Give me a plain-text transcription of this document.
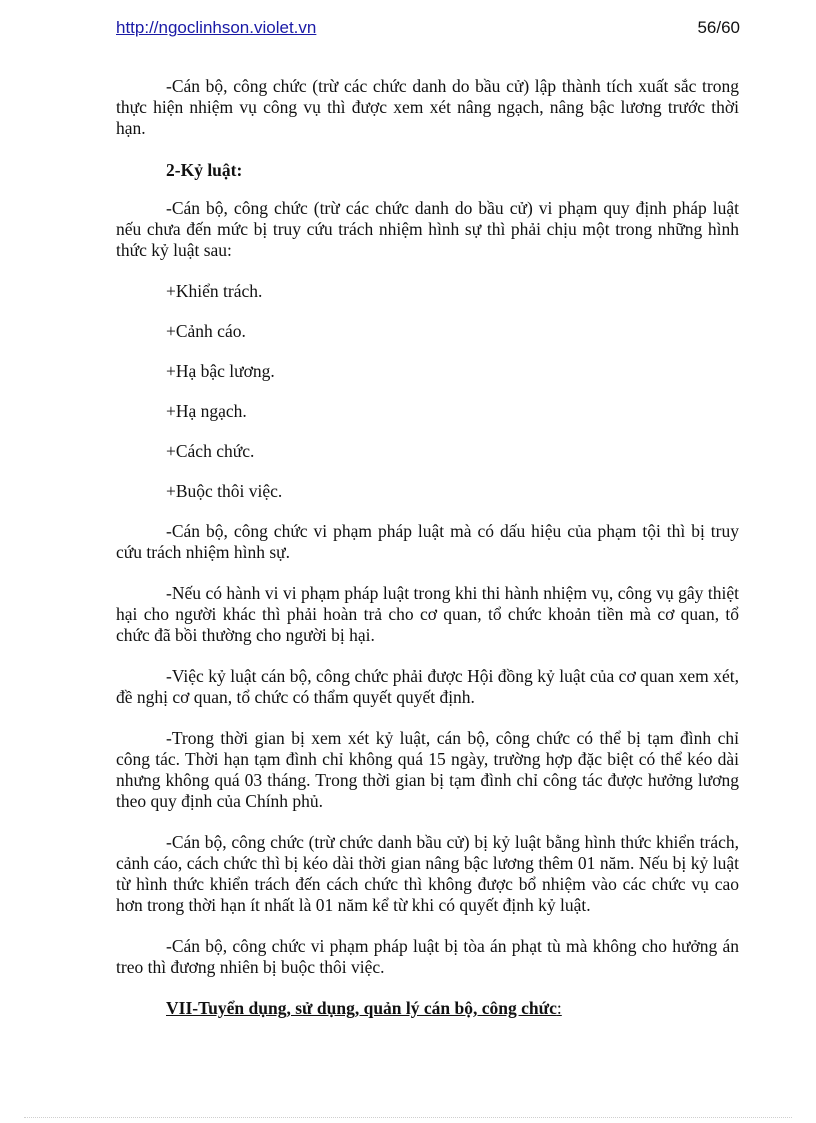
http://ngoclinhson.violet.vn	56/60

-Cán bộ, công chức (trừ các chức danh do bầu cử) lập thành tích xuất sắc trong thực hiện nhiệm vụ công vụ thì được xem xét nâng ngạch, nâng bậc lương trước thời hạn.

2-Kỷ luật:

-Cán bộ, công chức (trừ các chức danh do bầu cử) vi phạm quy định pháp luật nếu chưa đến mức bị truy cứu trách nhiệm hình sự thì phải chịu một trong những hình thức kỷ luật sau:

+Khiển trách.
+Cảnh cáo.
+Hạ bậc lương.
+Hạ ngạch.
+Cách chức.
+Buộc thôi việc.

-Cán bộ, công chức vi phạm pháp luật mà có dấu hiệu của phạm tội thì bị truy cứu trách nhiệm hình sự.

-Nếu có hành vi vi phạm pháp luật trong khi thi hành nhiệm vụ, công vụ gây thiệt hại cho người khác thì phải hoàn trả cho cơ quan, tổ chức khoản tiền mà cơ quan, tổ chức đã bồi thường cho người bị hại.

-Việc kỷ luật cán bộ, công chức phải được Hội đồng kỷ luật của cơ quan xem xét, đề nghị cơ quan, tổ chức có thẩm quyết quyết định.

-Trong thời gian bị xem xét kỷ luật, cán bộ, công chức có thể bị tạm đình chỉ công tác. Thời hạn tạm đình chỉ không quá 15 ngày, trường hợp đặc biệt có thể kéo dài nhưng không quá 03 tháng. Trong thời gian bị tạm đình chỉ công tác được hưởng lương theo quy định của Chính phủ.

-Cán bộ, công chức (trừ chức danh bầu cử) bị kỷ luật bằng hình thức khiển trách, cảnh cáo, cách chức thì bị kéo dài thời gian nâng bậc lương thêm 01 năm. Nếu bị kỷ luật từ hình thức khiển trách đến cách chức thì không được bổ nhiệm vào các chức vụ cao hơn trong thời hạn ít nhất là 01 năm kể từ khi có quyết định kỷ luật.

-Cán bộ, công chức vi phạm pháp luật bị tòa án phạt tù mà không cho hưởng án treo thì đương nhiên bị buộc thôi việc.

VII-Tuyển dụng, sử dụng, quản lý cán bộ, công chức:
